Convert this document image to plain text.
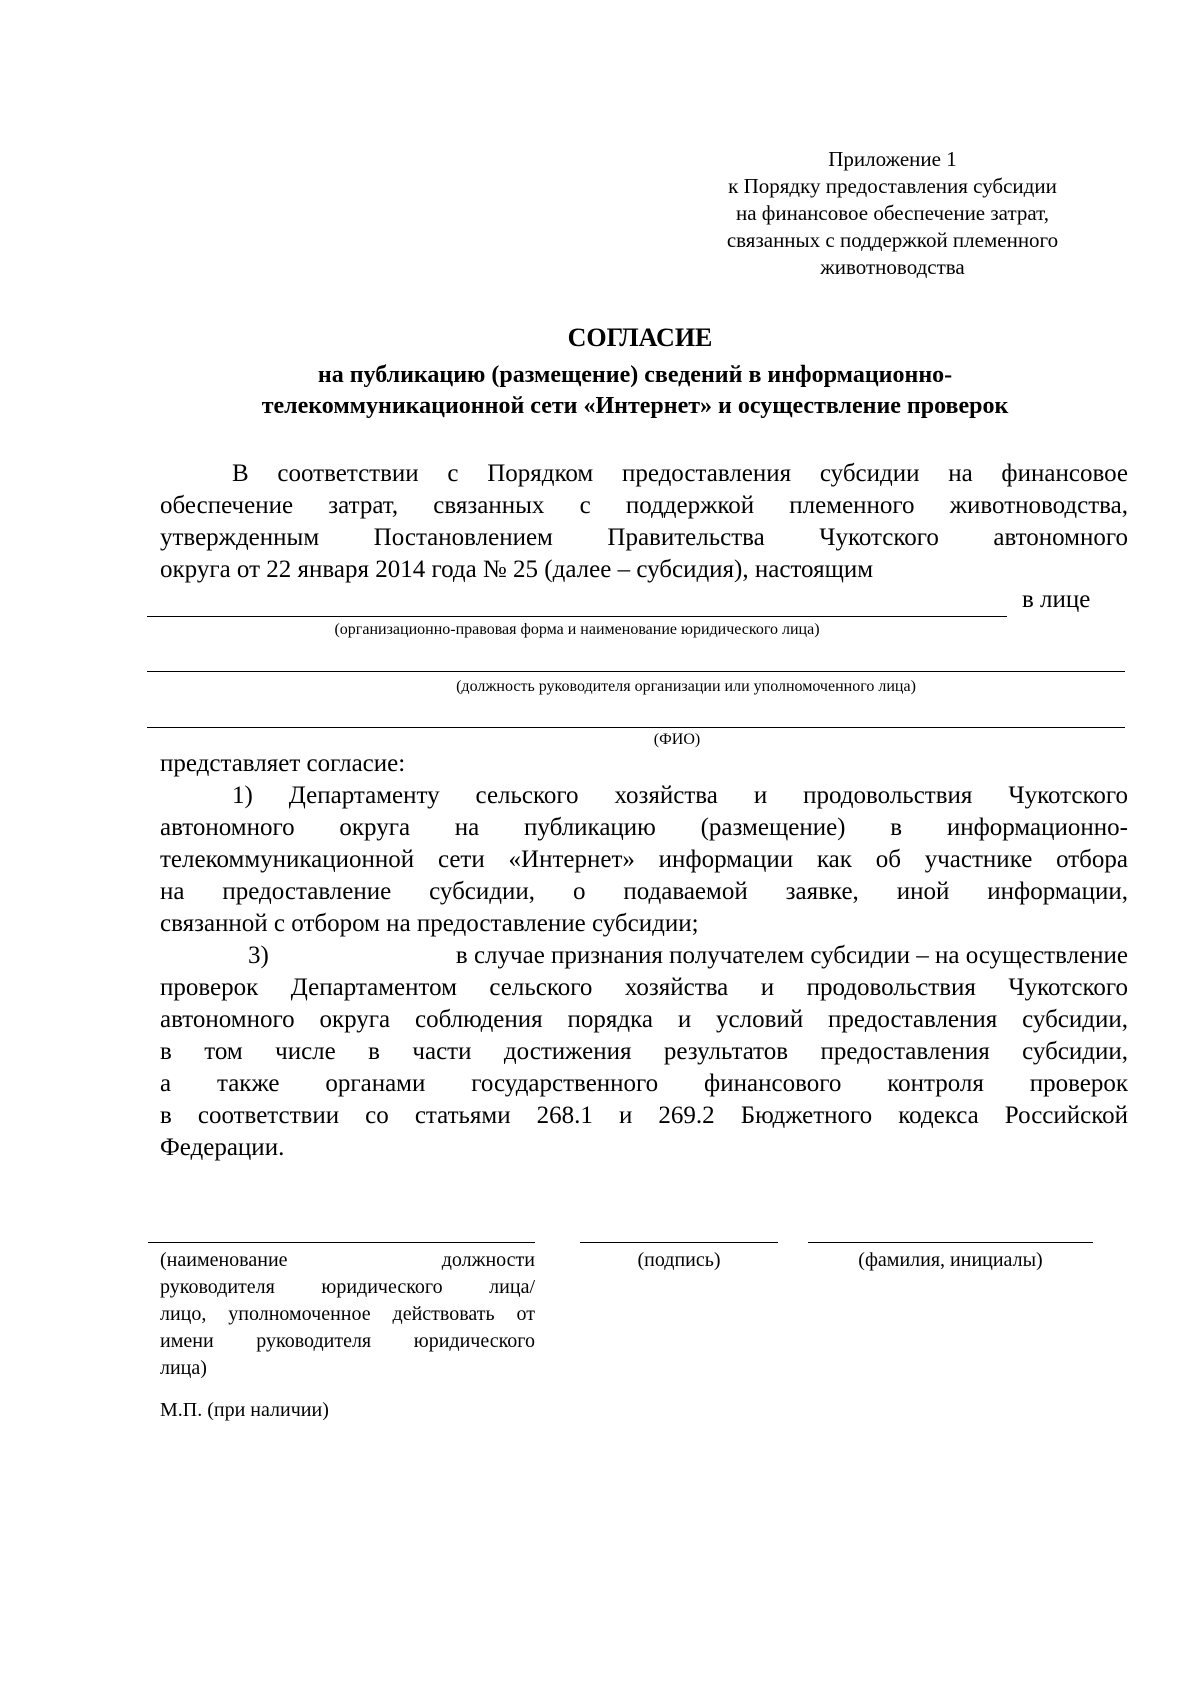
Приложение 1
к Порядку предоставления субсидии
на финансовое обеспечение затрат,
связанных с поддержкой племенного
животноводства
СОГЛАСИЕ
на публикацию (размещение) сведений в информационно-
телекоммуникационной сети «Интернет» и осуществление проверок
В соответствии с Порядком предоставления субсидии на финансовое
обеспечение затрат, связанных с поддержкой племенного животноводства,
утвержденным Постановлением Правительства Чукотского автономного
округа от 22 января 2014 года № 25 (далее – субсидия), настоящим
в лице
(организационно-правовая форма и наименование юридического лица)
(должность руководителя организации или уполномоченного лица)
(ФИО)
представляет согласие:
1) Департаменту сельского хозяйства и продовольствия Чукотского
автономного округа на публикацию (размещение) в информационно-
телекоммуникационной сети «Интернет» информации как об участнике отбора
на предоставление субсидии, о подаваемой заявке, иной информации,
связанной с отбором на предоставление субсидии;
3)	в случае признания получателем субсидии – на осуществление
проверок Департаментом сельского хозяйства и продовольствия Чукотского
автономного округа соблюдения порядка и условий предоставления субсидии,
в том числе в части достижения результатов предоставления субсидии,
а также органами государственного финансового контроля проверок
в соответствии со статьями 268.1 и 269.2 Бюджетного кодекса Российской
Федерации.
(наименование должности
руководителя юридического лица/
лицо, уполномоченное действовать от
имени руководителя юридического
лица)
(подпись)	(фамилия, инициалы)
М.П. (при наличии)
